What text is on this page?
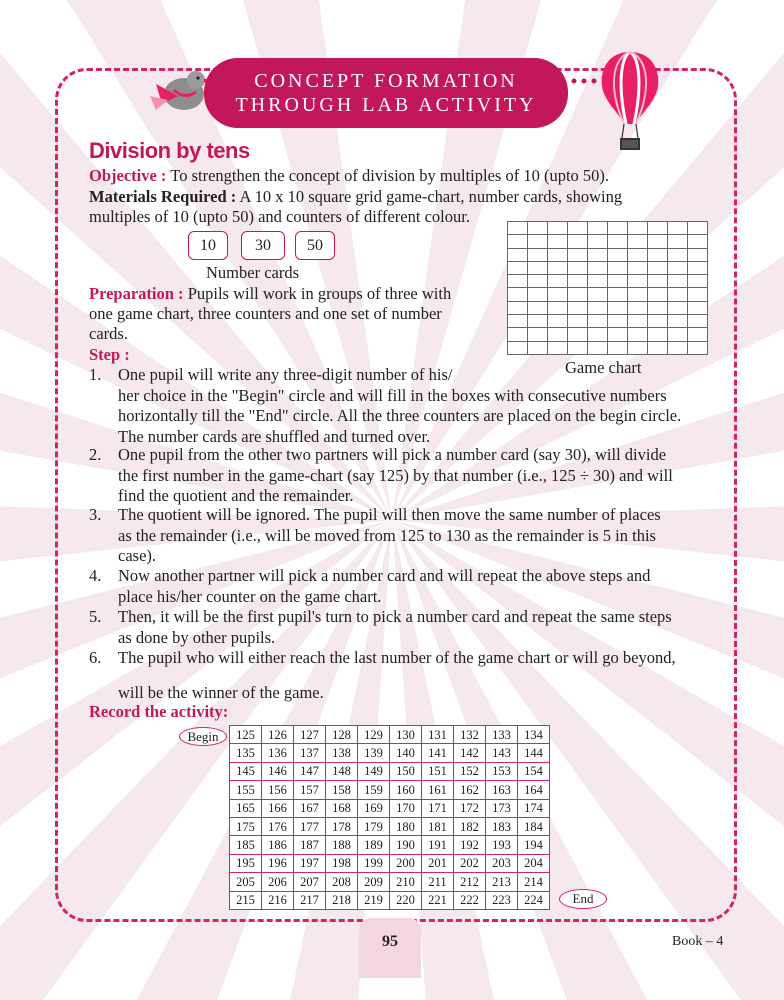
CONCEPT FORMATION
THROUGH LAB ACTIVITY
Division by tens
Objective : To strengthen the concept of division by multiples of 10 (upto 50).
Materials Required : A 10 x 10 square grid game-chart, number cards, showing
multiples of 10 (upto 50) and counters of different colour.
10	30	50
Number cards

Game chart
Preparation : Pupils will work in groups of three with
one game chart, three counters and one set of number
cards.
Step :
1. One pupil will write any three-digit number of his/
her choice in the "Begin" circle and will fill in the boxes with consecutive numbers
horizontally till the "End" circle. All the three counters are placed on the begin circle.
The number cards are shuffled and turned over.
2. One pupil from the other two partners will pick a number card (say 30), will divide
the first number in the game-chart (say 125) by that number (i.e., 125 ÷ 30) and will
find the quotient and the remainder.
3. The quotient will be ignored. The pupil will then move the same number of places
as the remainder (i.e., will be moved from 125 to 130 as the remainder is 5 in this
case).
4. Now another partner will pick a number card and will repeat the above steps and
place his/her counter on the game chart.
5. Then, it will be the first pupil's turn to pick a number card and repeat the same steps
as done by other pupils.
6. The pupil who will either reach the last number of the game chart or will go beyond,
will be the winner of the game.
Record the activity:
Begin	125	126	127	128	129	130	131	132	133	134
135	136	137	138	139	140	141	142	143	144
145	146	147	148	149	150	151	152	153	154
155	156	157	158	159	160	161	162	163	164
165	166	167	168	169	170	171	172	173	174
175	176	177	178	179	180	181	182	183	184
185	186	187	188	189	190	191	192	193	194
195	196	197	198	199	200	201	202	203	204
205	206	207	208	209	210	211	212	213	214
215	216	217	218	219	220	221	222	223	224	End
95	Book – 4
